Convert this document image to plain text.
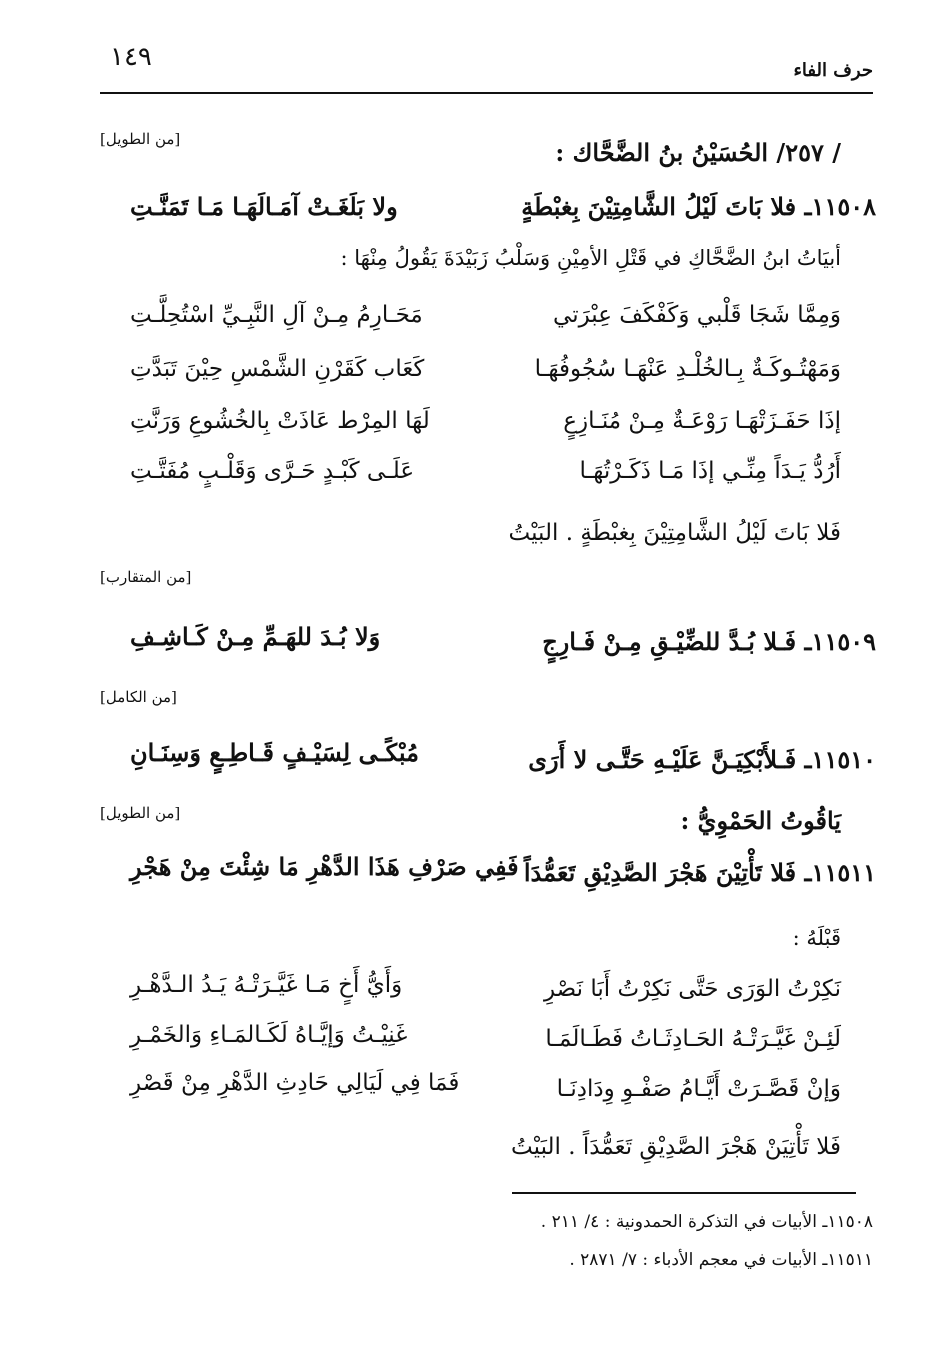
١٤٩	حرف الفاء
[من الطويل]	/ ٢٥٧/ الحُسَيْنُ بنُ الضَّحَّاك :
١١٥٠٨ـ فلا بَاتَ لَيْلُ الشَّامِتِيْنَ بِغبْطَةٍ
ولا بَلَغَـتْ آمَـالَهَـا مَـا تَمَنَّـتِ
أبيَاتُ ابنُ الضَّحَّاكِ في قَتْلِ الأمِيْنِ وَسَلْبُ زَبَيْدَةَ يَقُولُ مِنْهَا :
وَمِمَّا شَجَا قَلْبي وَكَفْكَفَ عِبْرَتي
مَحَـارِمُ مِـنْ آلِ النَّبِـيِّ اسْتُحِلَّـتِ
وَمَهْتُـوكَـةٌ بِـالخُلْـدِ عَنْهَـا سُجُوفُهَـا
كَعَاب كَقَرْنِ الشَّمْسِ حِيْنَ تَبَدَّتِ
إذَا حَفَـزَتْهَـا رَوْعَـةٌ مِـنْ مُنَـازِعٍ
لَهَا المِرْط عَاذَتْ بِالخُشُوعِ وَرَنَّتِ
أَرُدُّ يَـدَاً مِنِّـي إذَا مَـا ذَكَـرْتُهَـا
عَلَـى كَبْـدٍ حَـرَّى وَقَلْـبٍ مُفَتَّـتِ
فَلا بَاتَ لَيْلُ الشَّامِتِيْنَ بِغبْطَةٍ . البَيْتُ
[من المتقارب]
١١٥٠٩ـ فَـلا بُـدَّ للضِّيْـقِ مِـنْ فَـارِجٍ
وَلا بُـدَ للهَـمِّ مِـنْ كَـاشِـفِ
[من الكامل]
١١٥١٠ـ فَـلأَبْكِيَـنَّ عَلَيْـهِ حَتَّـى لا أَرَى
مُبْكًـى لِسَيْـفٍ قَـاطِـعٍ وَسِنَـانِ
[من الطويل]	يَاقُوتُ الحَمْوِيُّ :
١١٥١١ـ فَلا تَأْتِيْنَ هَجْرَ الصَّدِيْقِ تَعَمُّدَاً
فَفِي صَرْفِ هَذَا الدَّهْرِ مَا شِئْتَ مِنْ هَجْرِ
قَبْلَهُ :
نَكِرْتُ الوَرَى حَتَّى نَكِرْتُ أَبَا نَصْرِ
وَأَيُّ أَخٍ مَـا غَيَّـرَتْـهُ يَـدُ الـدَّهْـرِ
لَئِـنْ غَيَّـرَتْـهُ الحَـادِثَـاتُ فَطَـالَمَـا
غَنِيْـتُ وَإيَّـاهُ لَكَـالمَـاءِ وَالخَمْـرِ
وَإنْ قَصَّـرَتْ أَيَّـامُ صَفْـوِ وِدَادِنَـا
فَمَا فِي لَيَالِي حَادِثِ الدَّهْرِ مِنْ قَصْرِ
فَلا تَأْتِيَنْ هَجْرَ الصَّدِيْقِ تَعَمُّدَاً . البَيْتُ
١١٥٠٨ـ الأبيات في التذكرة الحمدونية : ٤/ ٢١١ .
١١٥١١ـ الأبيات في معجم الأدباء : ٧/ ٢٨٧١ .
